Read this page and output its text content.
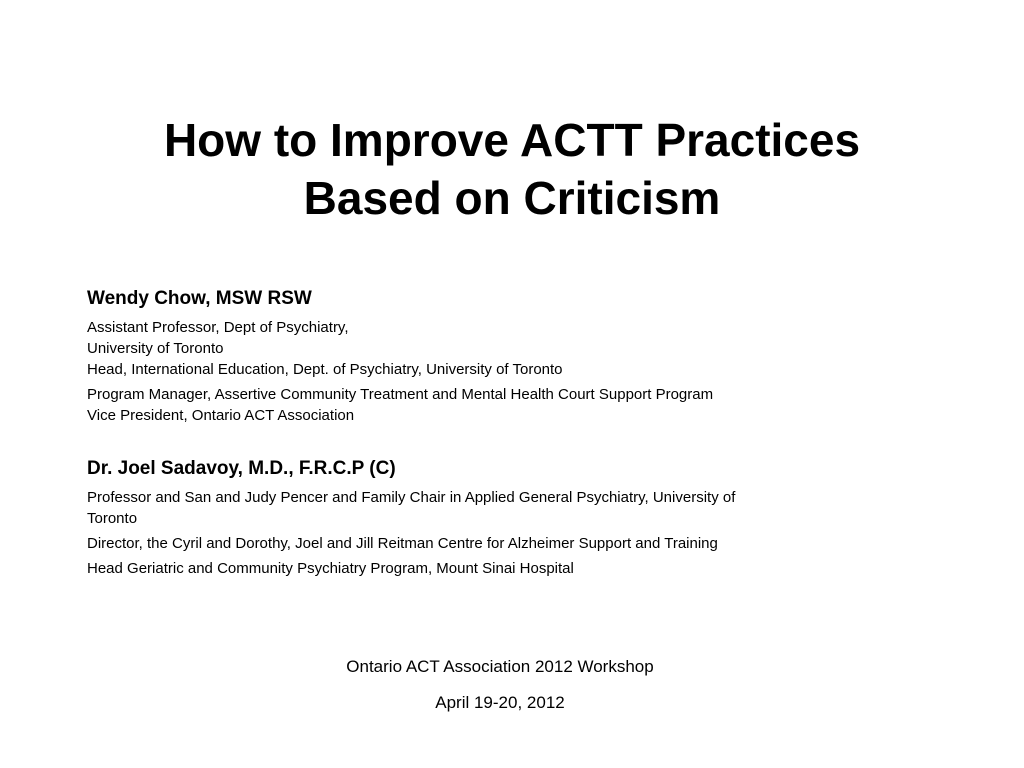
How to Improve ACTT Practices
Based on Criticism

Wendy Chow, MSW RSW

Assistant Professor, Dept of Psychiatry,
University of Toronto
Head, International Education, Dept. of Psychiatry, University of Toronto

Program Manager, Assertive Community Treatment and Mental Health Court Support Program
Vice President, Ontario ACT Association

Dr. Joel Sadavoy, M.D., F.R.C.P (C)

Professor and San and Judy Pencer and Family Chair in Applied General Psychiatry, University of
Toronto

Director, the Cyril and Dorothy, Joel and Jill Reitman Centre for Alzheimer Support and Training

Head Geriatric and Community Psychiatry Program, Mount Sinai Hospital

Ontario ACT Association 2012 Workshop
April 19-20, 2012
